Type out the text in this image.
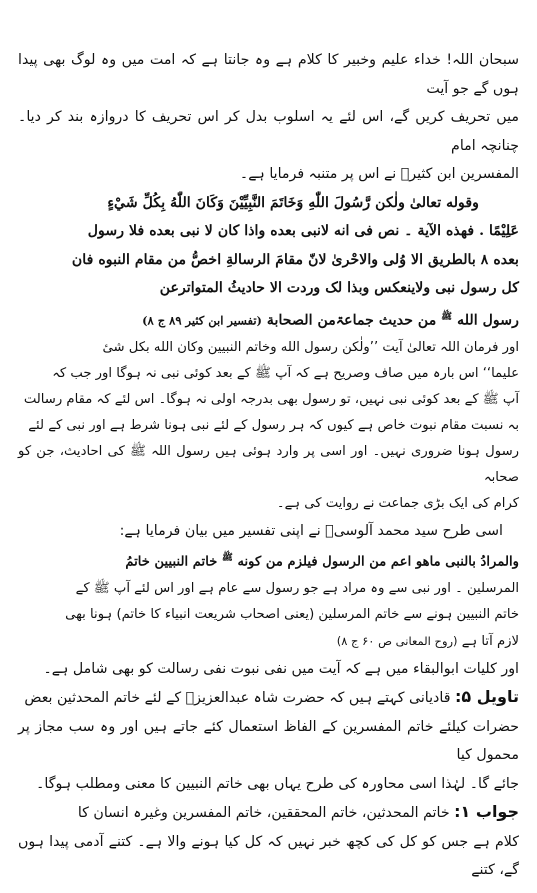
سبحان اللہ! خداء علیم وخبیر کا کلام ہے وہ جانتا ہے کہ امت میں وہ لوگ بھی پیدا ہوں گے جو آیت

میں تحریف کریں گے، اس لئے یہ اسلوب بدل کر اس تحریف کا دروازہ بند کر دیا۔ چنانچہ امام

المفسرین ابن کثیرؒ نے اس پر متنبہ فرمایا ہے۔

وقوله تعالیٰ ولٰکن رَّسُولَ اللّٰهِ وَخَاتَمَ النَّبِيِّيْنَ وَكَانَ اللّٰهُ بِكُلِّ شَيْءٍ

عَلِيْمًا . فهذه الآية ۔ نص فی انه لانبی بعده واذا کان لا نبی بعده فلا رسول

بعده ۸ بالطریق الا وُلی والاحْریٰ لانّ مقامَ الرسالةِ اخصُّ من مقام النبوه فان

کل رسول نبی ولاینعکس وبذا لک وردت الا حادیثُ المتواترعن

رسول الله $^ﷺ$ من حدیث جماعۃمن الصحابة (تفسیر ابن کثیر ۸۹ ج ۸)

اور فرمان اللہ تعالیٰ آیت ’’ولٰکن رسول الله وخاتم النبيين وکان الله بکل شیٔ

علیما‘‘ اس بارہ میں صاف وصریح ہے کہ آپ ﷺ کے بعد کوئی نبی نہ ہوگا اور جب کہ

آپ ﷺ کے بعد کوئی نبی نہیں، تو رسول بھی بدرجہ اولی نہ ہوگا۔ اس لئے کہ مقام رسالت

بہ نسبت مقام نبوت خاص ہے کیوں کہ ہر رسول کے لئے نبی ہونا شرط ہے اور نبی کے لئے

رسول ہونا ضروری نہیں۔ اور اسی پر وارد ہوئی ہیں رسول اللہ ﷺ کی احادیث، جن کو صحابہ

کرام کی ایک بڑی جماعت نے روایت کی ہے۔

اسی طرح سید محمد آلوسیؒ نے اپنی تفسیر میں بیان فرمایا ہے:

والمرادُ بالنبی ماهو اعم من الرسول فیلزم من کونه $^ﷺ$ خاتم النبيين خاتمُ

المرسلین ۔ اور نبی سے وہ مراد ہے جو رسول سے عام ہے اور اس لئے آپ ﷺ کے

خاتم النبیین ہونے سے خاتم المرسلین (یعنی اصحاب شریعت انبیاء کا خاتم) ہونا بھی

لازم آتا ہے (روح المعانی ص ۶۰ ج ۸)

اور کلیات ابوالبقاء میں ہے کہ آیت میں نفی نبوت نفی رسالت کو بھی شامل ہے۔

تاویل ۵: قادیانی کہتے ہیں کہ حضرت شاہ عبدالعزیزؒ کے لئے خاتم المحدثین بعض

حضرات کیلئے خاتم المفسرین کے الفاظ استعمال کئے جاتے ہیں اور وہ سب مجاز پر محمول کیا

جائے گا۔ لہٰذا اسی محاورہ کی طرح یہاں بھی خاتم النبیین کا معنی ومطلب ہوگا۔

جواب ۱: خاتم المحدثین، خاتم المحققین، خاتم المفسرین وغیرہ انسان کا

کلام ہے جس کو کل کی کچھ خبر نہیں کہ کل کیا ہونے والا ہے۔ کتنے آدمی پیدا ہوں گے، کتنے
